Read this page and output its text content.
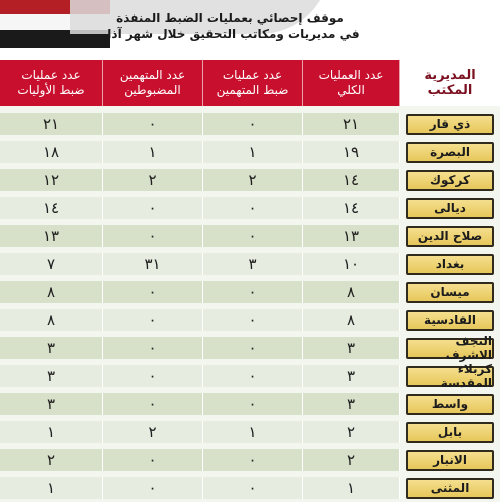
موقف إحصائي بعمليات الضبط المنفذة
في مديريات ومكاتب التحقيق خلال شهر آذار
عدد عمليات
ضبط الأوليات
عدد المتهمين
المضبوطين
عدد عمليات
ضبط المتهمين
عدد العمليات
الكلي
المديرية
المكتب
٢١	٠	٠	٢١	ذي قار
١٨	١	١	١٩	البصرة
١٢	٢	٢	١٤	كركوك
١٤	٠	٠	١٤	ديالى
١٣	٠	٠	١٣	صلاح الدين
٧	٣١	٣	١٠	بغداد
٨	٠	٠	٨	ميسان
٨	٠	٠	٨	القادسية
٣	٠	٠	٣	النجف الاشرف
٣	٠	٠	٣	كربلاء المقدسة
٣	٠	٠	٣	واسط
١	٢	١	٢	بابل
٢	٠	٠	٢	الانبار
١	٠	٠	١	المثنى
